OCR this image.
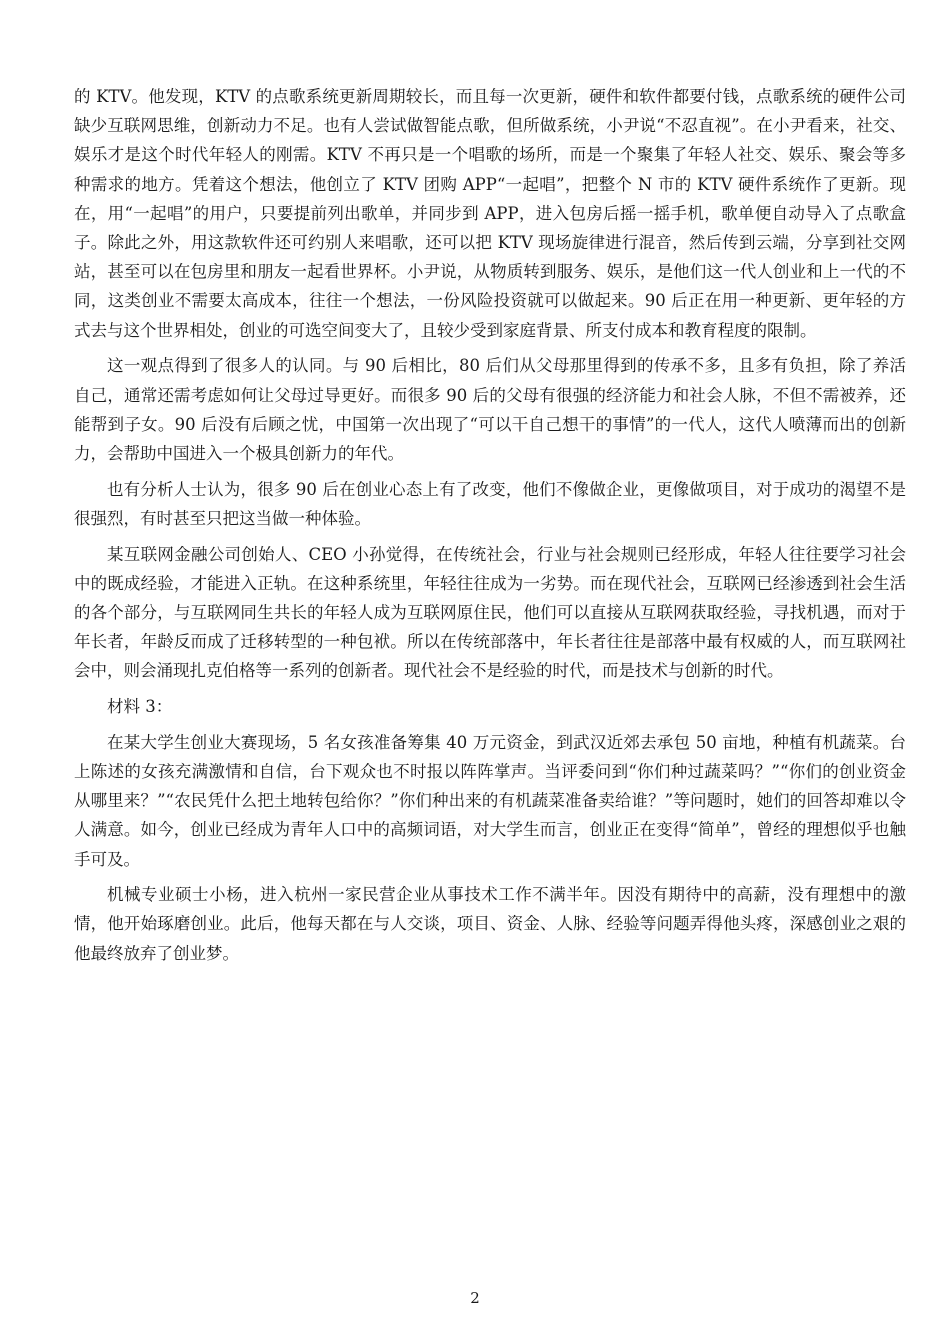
的 KTV。他发现，KTV 的点歌系统更新周期较长，而且每一次更新，硬件和软件都要付钱，点歌系统的硬件公司缺少互联网思维，创新动力不足。也有人尝试做智能点歌，但所做系统，小尹说“不忍直视”。在小尹看来，社交、娱乐才是这个时代年轻人的刚需。KTV 不再只是一个唱歌的场所，而是一个聚集了年轻人社交、娱乐、聚会等多种需求的地方。凭着这个想法，他创立了 KTV 团购 APP“一起唱”，把整个 N 市的 KTV 硬件系统作了更新。现在，用“一起唱”的用户，只要提前列出歌单，并同步到 APP，进入包房后摇一摇手机，歌单便自动导入了点歌盒子。除此之外，用这款软件还可约别人来唱歌，还可以把 KTV 现场旋律进行混音，然后传到云端，分享到社交网站，甚至可以在包房里和朋友一起看世界杯。小尹说，从物质转到服务、娱乐，是他们这一代人创业和上一代的不同，这类创业不需要太高成本，往往一个想法，一份风险投资就可以做起来。90 后正在用一种更新、更年轻的方式去与这个世界相处，创业的可选空间变大了，且较少受到家庭背景、所支付成本和教育程度的限制。

这一观点得到了很多人的认同。与 90 后相比，80 后们从父母那里得到的传承不多，且多有负担，除了养活自己，通常还需考虑如何让父母过导更好。而很多 90 后的父母有很强的经济能力和社会人脉，不但不需被养，还能帮到子女。90 后没有后顾之忧，中国第一次出现了“可以干自己想干的事情”的一代人，这代人喷薄而出的创新力，会帮助中国进入一个极具创新力的年代。

也有分析人士认为，很多 90 后在创业心态上有了改变，他们不像做企业，更像做项目，对于成功的渴望不是很强烈，有时甚至只把这当做一种体验。

某互联网金融公司创始人、CEO 小孙觉得，在传统社会，行业与社会规则已经形成，年轻人往往要学习社会中的既成经验，才能进入正轨。在这种系统里，年轻往往成为一劣势。而在现代社会，互联网已经渗透到社会生活的各个部分，与互联网同生共长的年轻人成为互联网原住民，他们可以直接从互联网获取经验，寻找机遇，而对于年长者，年龄反而成了迁移转型的一种包袱。所以在传统部落中，年长者往往是部落中最有权威的人，而互联网社会中，则会涌现扎克伯格等一系列的创新者。现代社会不是经验的时代，而是技术与创新的时代。

材料 3：

在某大学生创业大赛现场，5 名女孩准备筹集 40 万元资金，到武汉近郊去承包 50 亩地，种植有机蔬菜。台上陈述的女孩充满激情和自信，台下观众也不时报以阵阵掌声。当评委问到“你们种过蔬菜吗？”“你们的创业资金从哪里来？”“农民凭什么把土地转包给你？”你们种出来的有机蔬菜准备卖给谁？”等问题时，她们的回答却难以令人满意。如今，创业已经成为青年人口中的高频词语，对大学生而言，创业正在变得“简单”，曾经的理想似乎也触手可及。

机械专业硕士小杨，进入杭州一家民营企业从事技术工作不满半年。因没有期待中的高薪，没有理想中的激情，他开始琢磨创业。此后，他每天都在与人交谈，项目、资金、人脉、经验等问题弄得他头疼，深感创业之艰的他最终放弃了创业梦。

2
